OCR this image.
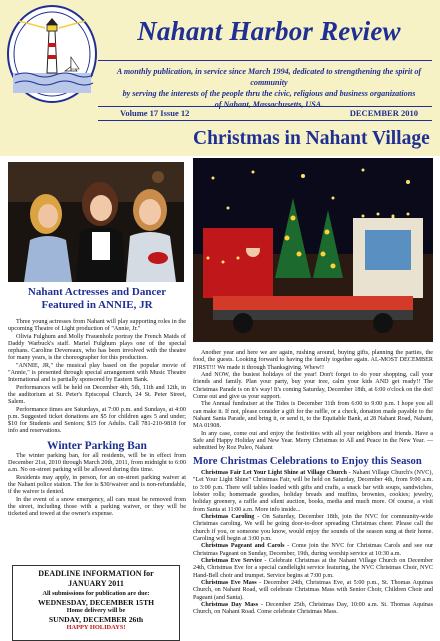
Nahant Harbor Review
A monthly publication, in service since March 1994, dedicated to strengthening the spirit of community
by serving the interests of the people thru the civic, religious and business organizations
of Nahant, Massachusetts, USA.
Volume 17 Issue 12	DECEMBER 2010
Christmas in Nahant Village
Nahant Actresses and Dancer
Featured in ANNIE, JR

Three young actresses from Nahant will play supporting roles in the upcoming Theatre of Light production of "Annie, Jr."

Olivia Fulghum and Molly Frauenholz portray the French Maids of Daddy Warbuck's staff. Mariel Fulghum plays one of the special orphans. Caroline Devereaux, who has been involved with the theatre for many years, is the choreographer for this production.

"ANNIE, JR," the musical play based on the popular movie of "Annie," is presented through special arrangement with Music Theatre International and is partially sponsored by Eastern Bank.

Performances will be held on December 4th, 5th, 11th and 12th, in the auditorium at St. Peter's Episcopal Church, 24 St. Peter Street, Salem.

Performance times are Saturdays, at 7:00 p.m. and Sundays, at 4:00 p.m. Suggested ticket donations are $5 for children ages 5 and under; $10 for Students and Seniors; $15 for Adults. Call 781-210-9818 for info and reservations.

Winter Parking Ban

The winter parking ban, for all residents, will be in effect from December 21st, 2010 through March 20th, 2011, from midnight to 6:00 a.m. No on-street parking will be allowed during this time.

Residents may apply, in person, for an on-street parking waiver at the Nahant police station. The fee is $30/waiver and is non-refundable, if the waiver is denied.

In the event of a snow emergency, all cars must be removed from the street, including those with a parking waiver, or they will be ticketed and towed at the owner's expense.

DEADLINE INFORMATION for
JANUARY 2011
All submissions for publication are due:
WEDNESDAY, DECEMBER 15TH
Home delivery will be
SUNDAY, DECEMBER 26th
HAPPY HOLIDAYS!

Another year and here we are again, rushing around, buying gifts, planning the parties, the food, the guests. Looking forward to having the family together again. AL-MOST DECEMBER FIRST!!! We made it through Thanksgiving. Whew!!

And NOW, the busiest holidays of the year! Don't forget to do your shopping, call your friends and family. Plan your party, buy your tree, calm your kids AND get ready!! The Christmas Parade is on it's way! It's coming Saturday, December 18th, at 6:00 o'clock on the dot! Come out and give us your support.

The Annual fundraiser at the Tides is December 11th from 6:00 to 9:00 p.m. I hope you all can make it. If not, please consider a gift for the raffle, or a check, donation made payable to the Nahant Santa Parade, and bring it, or send it, to the Equitable Bank, at 28 Nahant Road, Nahant, MA 01908.

In any case, come out and enjoy the festivities with all your neighbors and friends. Have a Safe and Happy Holiday and New Year. Merry Christmas to All and Peace in the New Year. — submitted by Roz Puleo, Nahant

More Christmas Celebrations to Enjoy this Season

Christmas Fair Let Your Light Shine at Village Church - Nahant Village Church's (NVC), "Let Your Light Shine" Christmas Fair, will be held on Saturday, December 4th, from 9:00 a.m. to 3:00 p.m. There will tables loaded with gifts and crafts, a snack bar with soups, sandwiches, lobster rolls; homemade goodies, holiday breads and muffins, brownies, cookies; jewelry, holiday greenery, a raffle and silent auction, books, media and much more. Of course, a visit from Santa at 11:00 a.m. More info inside...

Christmas Caroling - On Saturday, December 18th, join the NVC for community-wide Christmas caroling. We will be going door-to-door spreading Christmas cheer. Please call the church if you, or someone you know, would enjoy the sounds of the season sung at their home. Caroling will begin at 3:00 p.m.

Christmas Pageant and Carols - Come join the NVC for Christmas Carols and see our Christmas Pageant on Sunday, December, 19th, during worship service at 10:30 a.m.

Christmas Eve Service - Celebrate Christmas at the Nahant Village Church on December 24th, Christmas Eve for a special candlelight service featuring, the NVC Christmas Choir, NVC Hand-Bell choir and trumpet. Service begins at 7:00 p.m.

Christmas Eve Mass - December 24th, Christmas Eve, at 5:00 p.m., St. Thomas Aquinas Church, on Nahant Road, will celebrate Christmas Mass with Senior Choir, Children Choir and Pageant (and Santa).

Christmas Day Mass - December 25th, Christmas Day, 10:00 a.m. St. Thomas Aquinas Church, on Nahant Road. Come celebrate Christmas Mass.
